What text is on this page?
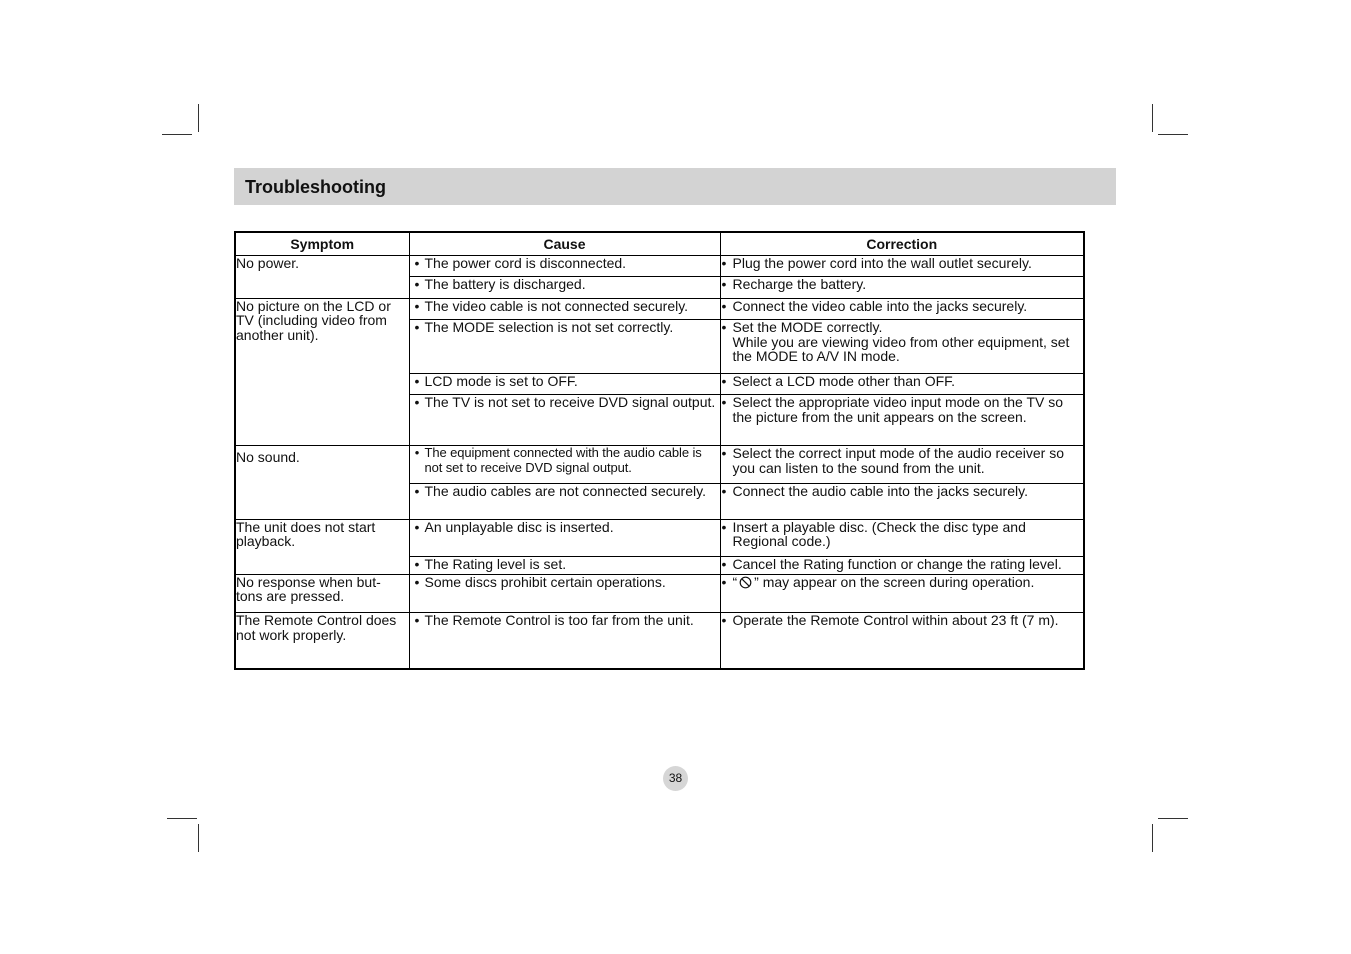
Troubleshooting
Symptom	Cause	Correction
No power.	• The power cord is disconnected.	• Plug the power cord into the wall outlet securely.

	• The battery is discharged.	• Recharge the battery.

No picture on the LCD or TV (including video from another unit).	• The video cable is not connected securely.	• Connect the video cable into the jacks securely.

	• The MODE selection is not set correctly.	• Set the MODE correctly.
While you are viewing video from other equipment, set the MODE to A/V IN mode.

	• LCD mode is set to OFF.	• Select a LCD mode other than OFF.

	• The TV is not set to receive DVD signal output.	• Select the appropriate video input mode on the TV so the picture from the unit appears on the screen.

No sound.	• The equipment connected with the audio cable is not set to receive DVD signal output.	• Select the correct input mode of the audio receiver so you can listen to the sound from the unit.

	• The audio cables are not connected securely.	• Connect the audio cable into the jacks securely.

The unit does not start playback.	• An unplayable disc is inserted.	• Insert a playable disc. (Check the disc type and Regional code.)

	• The Rating level is set.	• Cancel the Rating function or change the rating level.

No response when but- tons are pressed.	• Some discs prohibit certain operations.	• “ ” may appear on the screen during operation.

The Remote Control does not work properly.	• The Remote Control is too far from the unit.	• Operate the Remote Control within about 23 ft (7 m).
38
